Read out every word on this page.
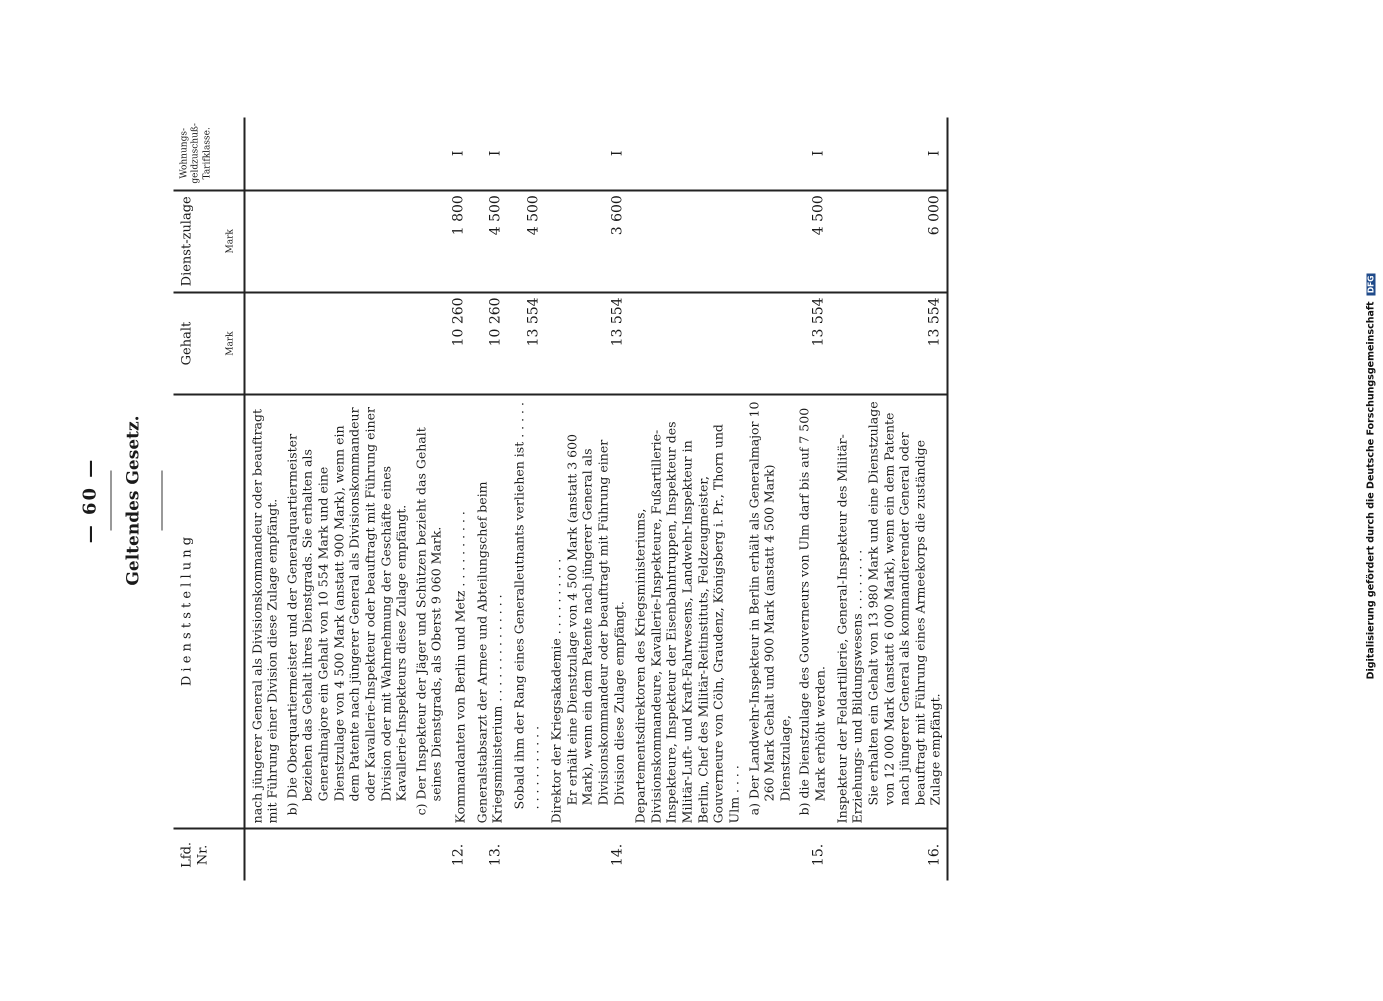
— 60 — Geltendes Gesetz.
Lfd. Nr.	D i e n s t s t e l l u n g	Gehalt Mark	Dienst-zulage Mark	Wohnungs-geldzuschuß-Tarifklasse.

	nach jüngerer General als Divisionskommandeur oder beauftragt mit Führung einer Division diese Zulage empfängt. b) Die Oberquartiermeister und der Generalquartiermeister beziehen das Gehalt ihres Dienstgrads. Sie erhalten als Generalmajore ein Gehalt von 10 554 Mark und eine Dienstzulage von 4 500 Mark (anstatt 900 Mark), wenn ein dem Patente nach jüngerer General als Divisionskommandeur oder Kavallerie-Inspekteur oder beauftragt mit Führung einer Division oder mit Wahrnehmung der Geschäfte eines Kavallerie-Inspekteurs diese Zulage empfängt. c) Der Inspekteur der Jäger und Schützen bezieht das Gehalt seines Dienstgrads, als Oberst 9 060 Mark.			

12.	Kommandanten von Berlin und Metz . . . . . . . . . .	10 260	1 800	I
13.	Generalstabsarzt der Armee und Abteilungschef beim Kriegsministerium . . . . . . . . . . . . . .	10 260	4 500	I
	Sobald ihm der Rang eines Generalleutnants verliehen ist . . . . . . . . . . . . . . . .	13 554	4 500	
14.	Direktor der Kriegsakademie . . . . . . . . . . Er erhält eine Dienstzulage von 4 500 Mark (anstatt 3 600 Mark), wenn ein dem Patente nach jüngerer General als Divisionskommandeur oder beauftragt mit Führung einer Division diese Zulage empfängt.	13 554	3 600	I
15.	Departementsdirektoren des Kriegsministeriums, Divisionskommandeure, Kavallerie-Inspekteure, Fußartillerie-Inspekteure, Inspekteur der Eisenbahntruppen, Inspekteur des Militär-Luft- und Kraft-Fahrwesens, Landwehr-Inspekteur in Berlin, Chef des Militär-Reitinstituts, Feldzeugmeister, Gouverneure von Cöln, Graudenz, Königsberg i. Pr., Thorn und Ulm . . . . a) Der Landwehr-Inspekteur in Berlin erhält als Generalmajor 10 260 Mark Gehalt und 900 Mark (anstatt 4 500 Mark) Dienstzulage, b) die Dienstzulage des Gouverneurs von Ulm darf bis auf 7 500 Mark erhöht werden.	13 554	4 500	I
16.	Inspekteur der Feldartillerie, General-Inspekteur des Militär-Erziehungs- und Bildungswesens . . . . . . . . Sie erhalten ein Gehalt von 13 980 Mark und eine Dienstzulage von 12 000 Mark (anstatt 6 000 Mark), wenn ein dem Patente nach jüngerer General als kommandierender General oder beauftragt mit Führung eines Armeekorps die zuständige Zulage empfängt.	13 554	6 000	I
Digitalisierung gefördert durch die Deutsche Forschungsgemeinschaft DFG
